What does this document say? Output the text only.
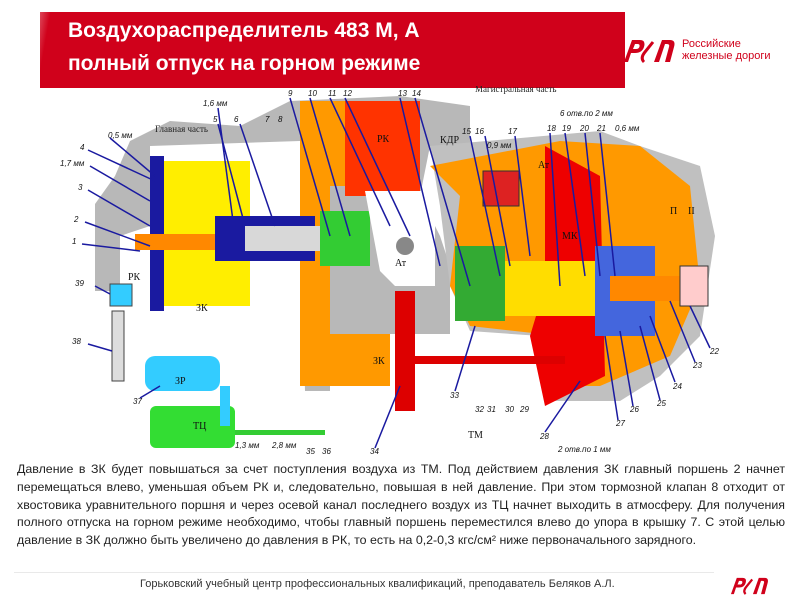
Воздухораспределитель 483 М, А
полный отпуск на горном режиме
Российские
железные дороги
Главная часть
Магистральная часть
РК
РК
ЗК
ЗК
ЗР
ТЦ
ТМ
КДР
Ат
Ат
МК
П II
0,5 мм
1,6 мм
1,7 мм
0,9 мм
6 отв.по 2 мм
0,6 мм
1,3 мм 2,8 мм	2 отв.по 1 мм
9 10 11 12	13 14
15 16	17	18 19 20 21
22
23
24
25
26
27
28
29
30
31
32
33
34
35 36
37
38
39
1
2
3
4
5 6	7 8
Давление в ЗК будет повышаться за счет поступления воздуха из ТМ. Под действием давления ЗК главный поршень 2 начнет перемещаться влево, уменьшая объем РК и, следовательно, повышая в ней давление. При этом тормозной клапан 8 отходит от хвостовика уравнительного поршня и через осевой канал последнего воздух из ТЦ начнет выходить в атмосферу. Для получения полного отпуска на горном режиме необходимо, чтобы главный поршень переместился влево до упора в крышку 7. С этой целью давление в ЗК должно быть увеличено до давления в РК, то есть на 0,2-0,3 кгс/см² ниже первоначального зарядного.
Горьковский учебный центр профессиональных квалификаций, преподаватель Беляков А.Л.
